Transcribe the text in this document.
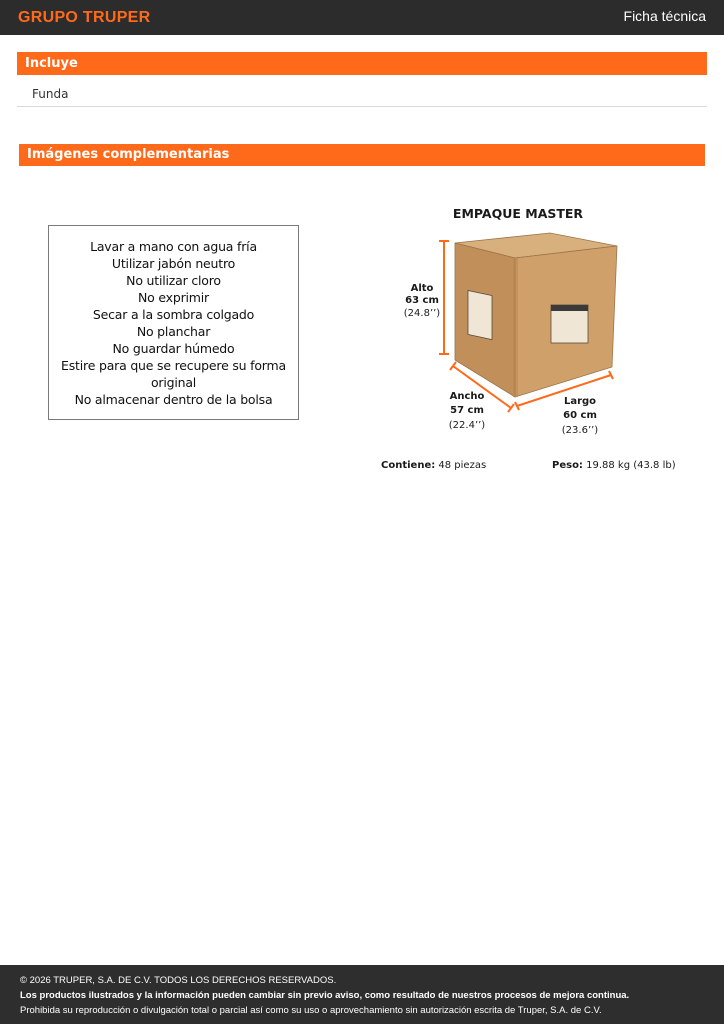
GRUPO TRUPER	Ficha técnica
Incluye
Funda
Imágenes complementarias
Lavar a mano con agua fría
Utilizar jabón neutro
No utilizar cloro
No exprimir
Secar a la sombra colgado
No planchar
No guardar húmedo
Estire para que se recupere su forma
original
No almacenar dentro de la bolsa
EMPAQUE MASTER
Alto
63 cm
(24.8’’)
Ancho
57 cm
(22.4’’)
Largo
60 cm
(23.6’’)
Contiene: 48 piezas	Peso: 19.88 kg (43.8 lb)
© 2026 TRUPER, S.A. DE C.V. TODOS LOS DERECHOS RESERVADOS.
Los productos ilustrados y la información pueden cambiar sin previo aviso, como resultado de nuestros procesos de mejora continua.
Prohibida su reproducción o divulgación total o parcial así como su uso o aprovechamiento sin autorización escrita de Truper, S.A. de C.V.
